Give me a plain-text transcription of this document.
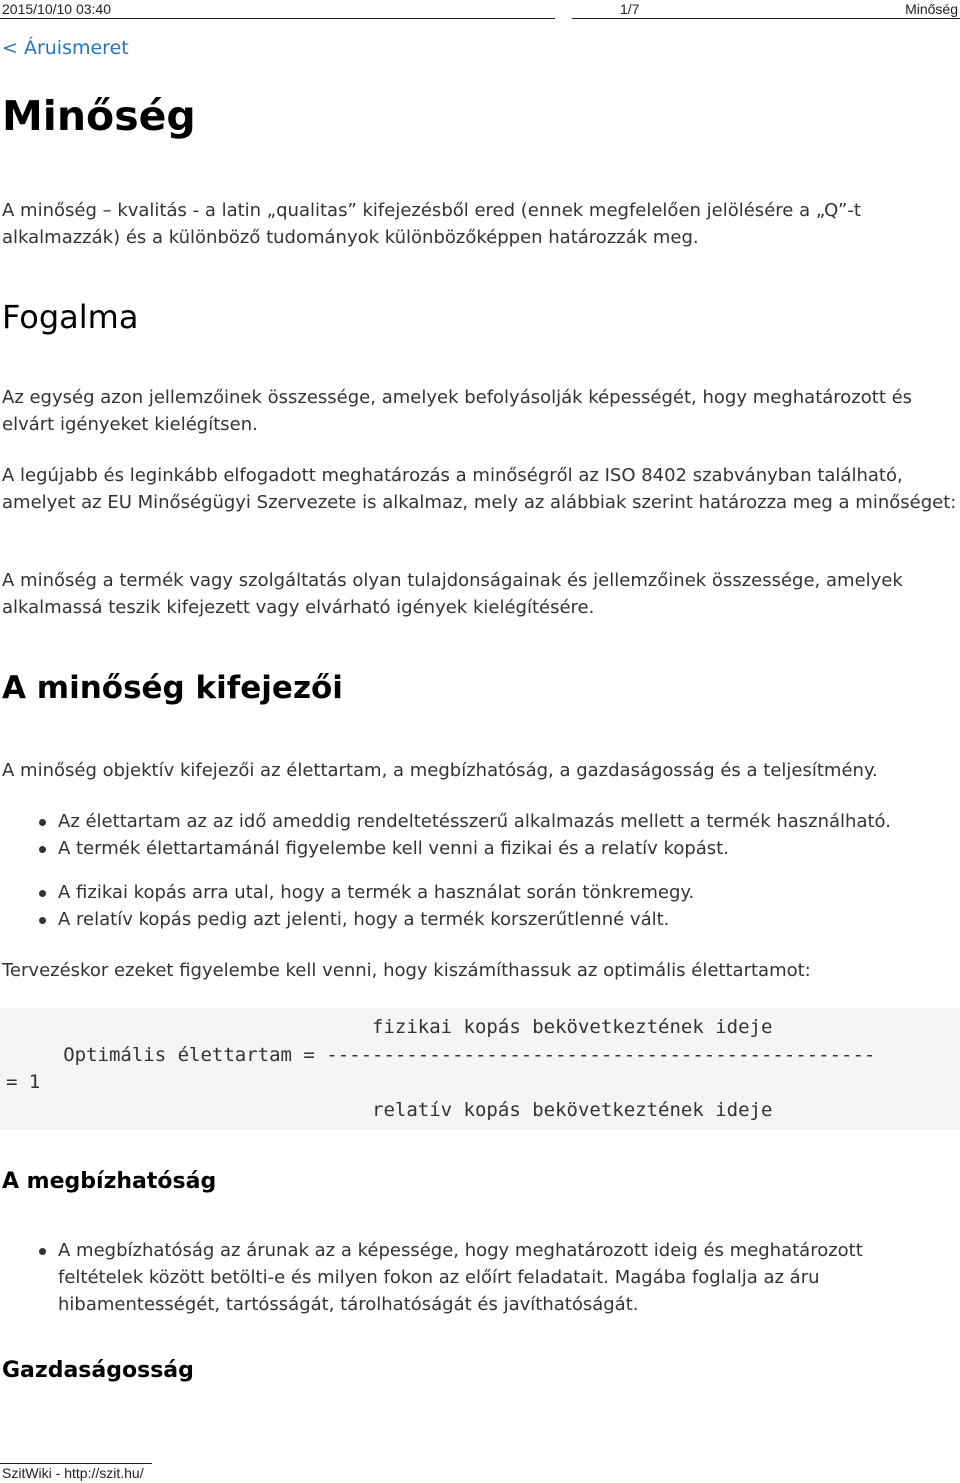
2015/10/10 03:40	1/7	Minőség
< Áruismeret
Minőség

A minőség – kvalitás - a latin „qualitas” kifejezésből ered (ennek megfelelően jelölésére a „Q”-t alkalmazzák) és a különböző tudományok különbözőképpen határozzák meg.

Fogalma

Az egység azon jellemzőinek összessége, amelyek befolyásolják képességét, hogy meghatározott és elvárt igényeket kielégítsen.

A legújabb és leginkább elfogadott meghatározás a minőségről az ISO 8402 szabványban található, amelyet az EU Minőségügyi Szervezete is alkalmaz, mely az alábbiak szerint határozza meg a minőséget:

A minőség a termék vagy szolgáltatás olyan tulajdonságainak és jellemzőinek összessége, amelyek alkalmassá teszik kifejezett vagy elvárható igények kielégítésére.

A minőség kifejezői

A minőség objektív kifejezői az élettartam, a megbízhatóság, a gazdaságosság és a teljesítmény.

Az élettartam az az idő ameddig rendeltetésszerű alkalmazás mellett a termék használható.
A termék élettartamánál figyelembe kell venni a fizikai és a relatív kopást.
A fizikai kopás arra utal, hogy a termék a használat során tönkremegy.
A relatív kopás pedig azt jelenti, hogy a termék korszerűtlenné vált.

Tervezéskor ezeket figyelembe kell venni, hogy kiszámíthassuk az optimális élettartamot:

fizikai kopás bekövetkeztének ideje
Optimális élettartam = ------------------------------------------------
= 1
relatív kopás bekövetkeztének ideje
A megbízhatóság
A megbízhatóság az árunak az a képessége, hogy meghatározott ideig és meghatározott feltételek között betölti-e és milyen fokon az előírt feladatait. Magába foglalja az áru hibamentességét, tartósságát, tárolhatóságát és javíthatóságát.
Gazdaságosság
SzitWiki - http://szit.hu/
